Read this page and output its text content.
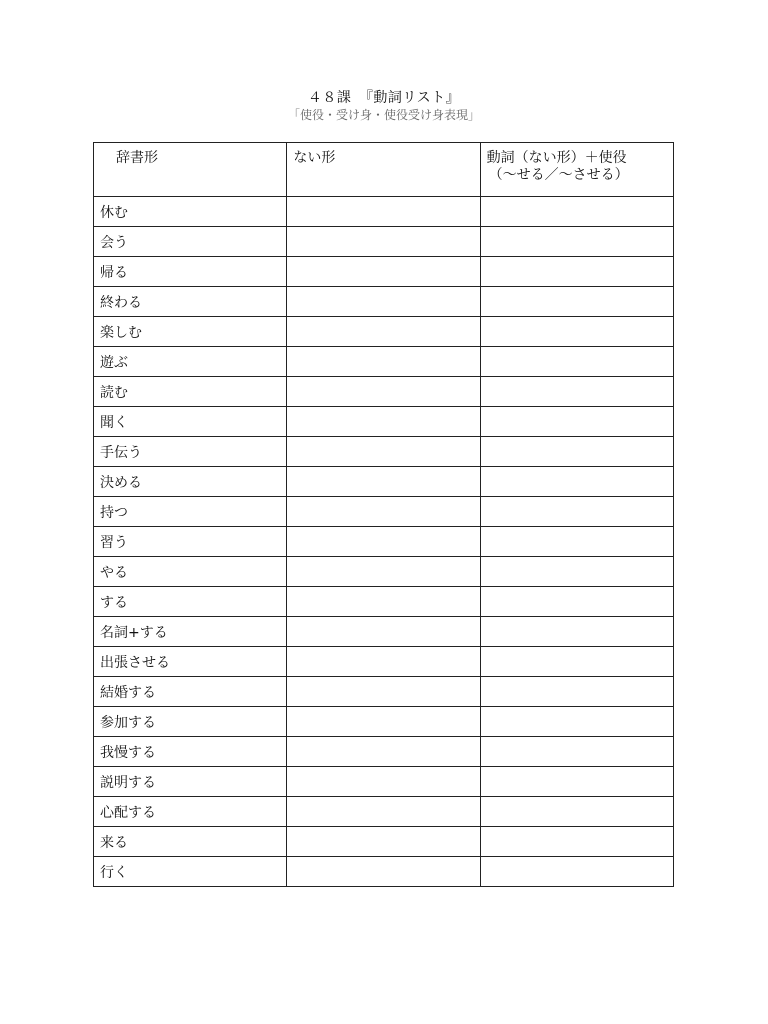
４８課　『動詞リスト』
「使役・受け身・使役受け身表現」
辞書形	ない形	動詞（ない形）＋使役
（～せる／～させる）

休む		
会う		
帰る		
終わる		
楽しむ		
遊ぶ		
読む		
聞く		
手伝う		
決める		
持つ		
習う		
やる		
する		
名詞+する		
出張させる		
結婚する		
参加する		
我慢する		
説明する		
心配する		
来る		
行く		
